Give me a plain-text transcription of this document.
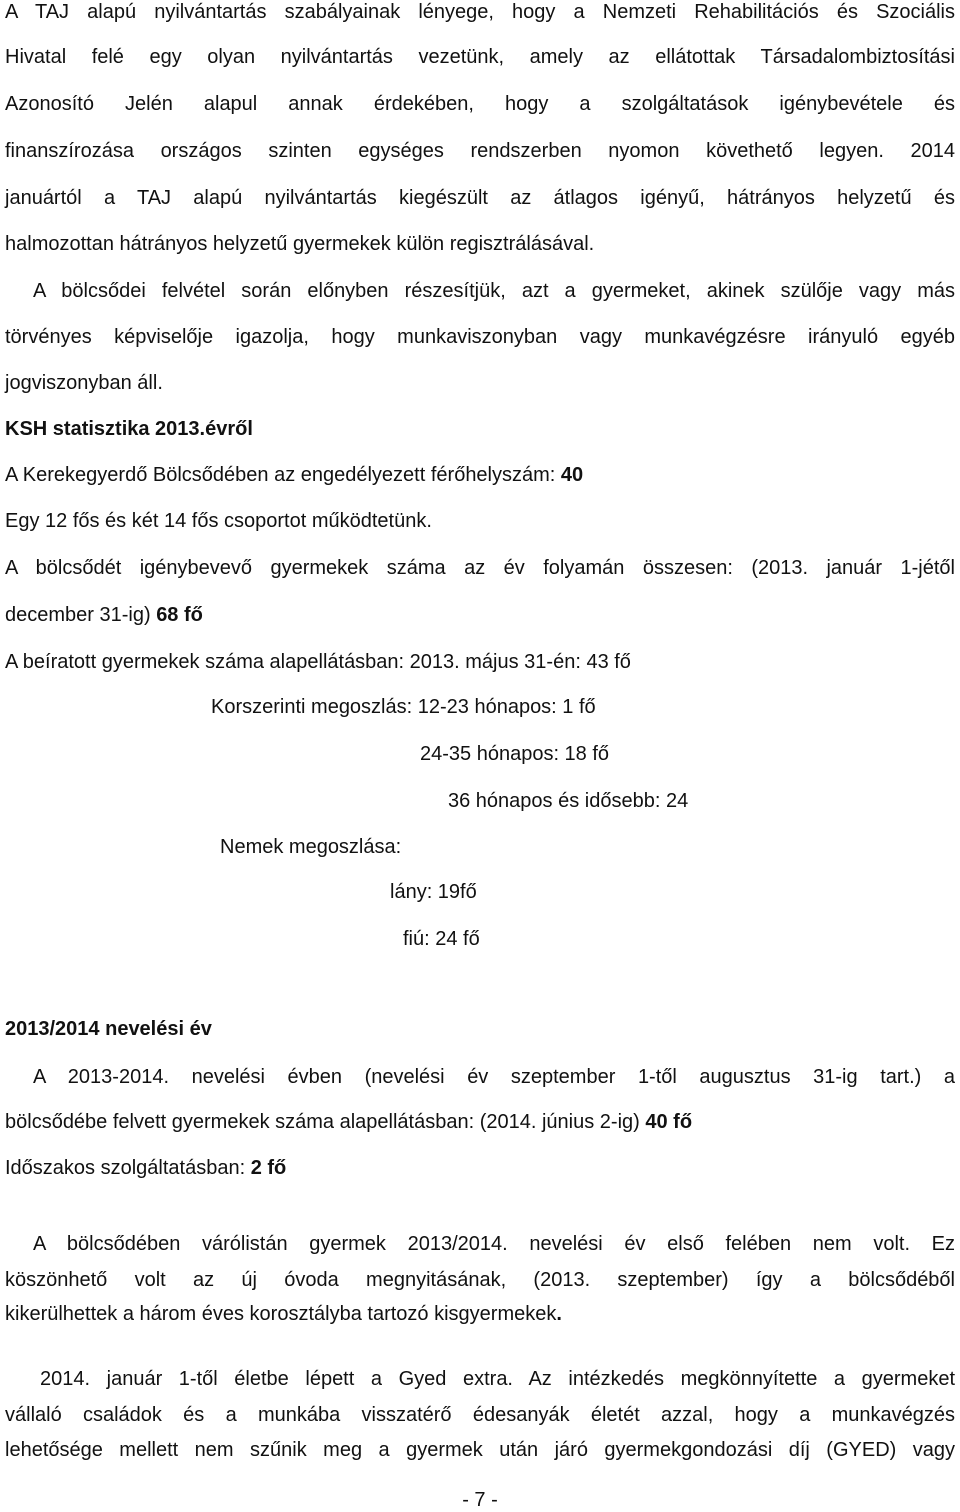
A TAJ alapú nyilvántartás szabályainak lényege, hogy a Nemzeti Rehabilitációs és Szociális
Hivatal felé egy olyan nyilvántartás vezetünk, amely az ellátottak Társadalombiztosítási
Azonosító Jelén alapul annak érdekében, hogy a szolgáltatások igénybevétele és
finanszírozása országos szinten egységes rendszerben nyomon követhető legyen. 2014
januártól a TAJ alapú nyilvántartás kiegészült az átlagos igényű, hátrányos helyzetű és
halmozottan hátrányos helyzetű gyermekek külön regisztrálásával.
A bölcsődei felvétel során előnyben részesítjük, azt a gyermeket, akinek szülője vagy más
törvényes képviselője igazolja, hogy munkaviszonyban vagy munkavégzésre irányuló egyéb
jogviszonyban áll.
KSH statisztika 2013.évről
A Kerekegyerdő Bölcsődében az engedélyezett férőhelyszám: 40
Egy 12 fős és két 14 fős csoportot működtetünk.
A bölcsődét igénybevevő gyermekek száma az év folyamán összesen: (2013. január 1-jétől
december 31-ig) 68 fő
A beíratott gyermekek száma alapellátásban: 2013. május 31-én: 43 fő
Korszerinti megoszlás: 12-23 hónapos: 1 fő
24-35 hónapos: 18 fő
36 hónapos és idősebb: 24
Nemek megoszlása:
lány: 19fő
fiú: 24 fő
2013/2014 nevelési év
A 2013-2014. nevelési évben (nevelési év szeptember 1-től augusztus 31-ig tart.) a
bölcsődébe felvett gyermekek száma alapellátásban: (2014. június 2-ig) 40 fő
Időszakos szolgáltatásban: 2 fő
A bölcsődében várólistán gyermek 2013/2014. nevelési év első felében nem volt. Ez
köszönhető volt az új óvoda megnyitásának, (2013. szeptember) így a bölcsődéből
kikerülhettek a három éves korosztályba tartozó kisgyermekek.
2014. január 1-től életbe lépett a Gyed extra. Az intézkedés megkönnyítette a gyermeket
vállaló családok és a munkába visszatérő édesanyák életét azzal, hogy a munkavégzés
lehetősége mellett nem szűnik meg a gyermek után járó gyermekgondozási díj (GYED) vagy
- 7 -
